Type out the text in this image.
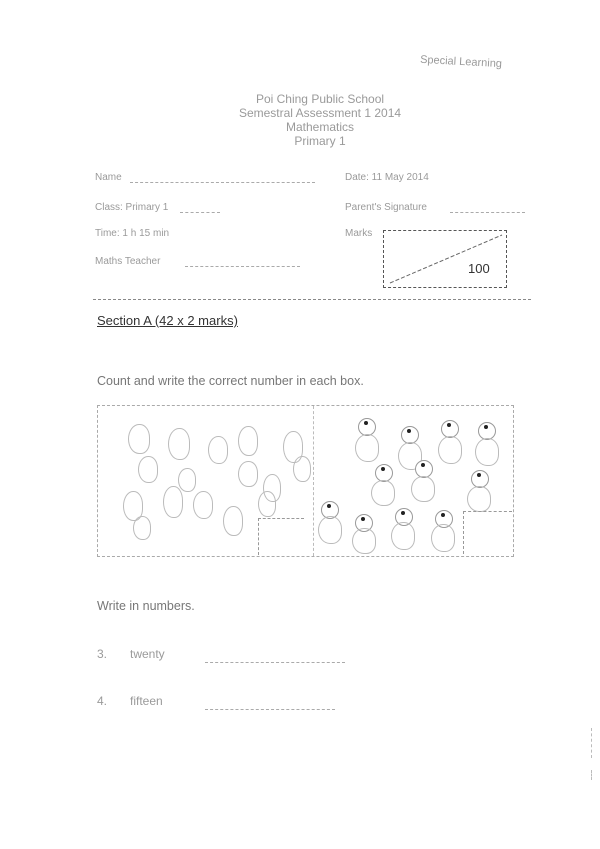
Special Learning
Poi Ching Public School
Semestral Assessment 1 2014
Mathematics
Primary 1
Name	Date: 11 May 2014
Class: Primary 1	Parent's Signature
Time: 1 h 15 min	Marks
Maths Teacher	100
Section A (42 x 2 marks)
Count and write the correct number in each box.
Write in numbers.
3. twenty
4. fifteen
